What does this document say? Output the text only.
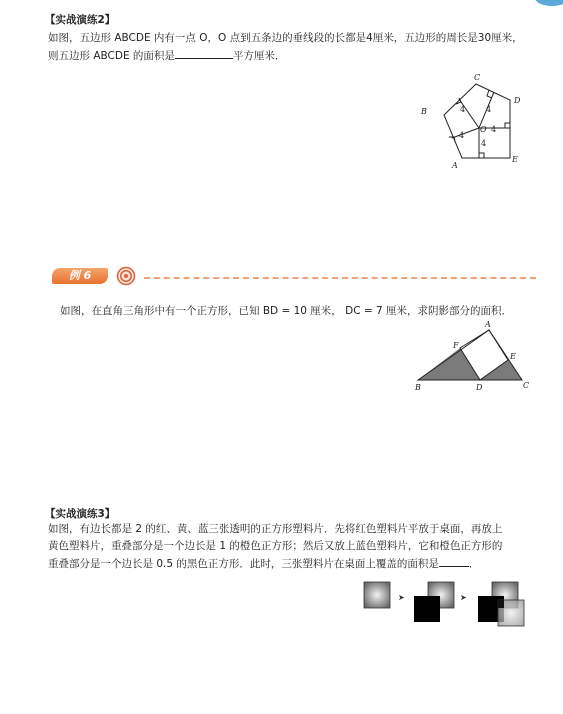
【实战演练2】
如图，五边形 ABCDE 内有一点 O，O 点到五条边的垂线段的长都是4厘米，五边形的周长是30厘米，
则五边形 ABCDE 的面积是	平方厘米．
C
D
B
A
E
O
4	4
4
4
4
例 6
如图，在直角三角形中有一个正方形，已知 BD = 10 厘米， DC = 7 厘米，求阴影部分的面积．
A
F
E
B	D	C
【实战演练3】
如图，有边长都是 2 的红、黄、蓝三张透明的正方形塑料片．先将红色塑料片平放于桌面，再放上
黄色塑料片，重叠部分是一个边长是 1 的橙色正方形；然后又放上蓝色塑料片，它和橙色正方形的
重叠部分是一个边长是 0.5 的黑色正方形．此时，三张塑料片在桌面上覆盖的面积是	．
➤	➤
